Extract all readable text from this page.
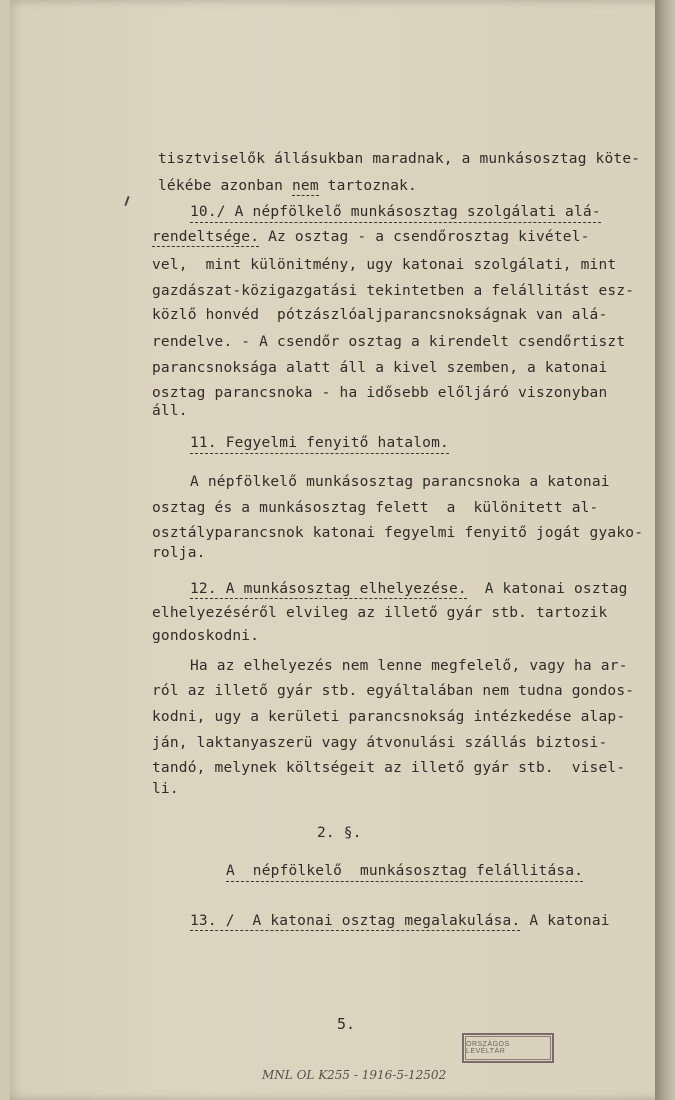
tisztviselők állásukban maradnak, a munkásosztag köte-
lékébe azonban nem tartoznak.
10./ A népfölkelő munkásosztag szolgálati alá-
rendeltsége. Az osztag - a csendőrosztag kivétel-
vel,  mint különitmény, ugy katonai szolgálati, mint
gazdászat-közigazgatási tekintetben a felállitást esz-
közlő honvéd  pótzászlóaljparancsnokságnak van alá-
rendelve. - A csendőr osztag a kirendelt csendőrtiszt
parancsnoksága alatt áll a kivel szemben, a katonai
osztag parancsnoka - ha idősebb előljáró viszonyban
áll.
11. Fegyelmi fenyitő hatalom.
A népfölkelő munkásosztag parancsnoka a katonai
osztag és a munkásosztag felett  a  különitett al-
osztályparancsnok katonai fegyelmi fenyitő jogát gyako-
rolja.
12. A munkásosztag elhelyezése.  A katonai osztag
elhelyezéséről elvileg az illető gyár stb. tartozik
gondoskodni.
Ha az elhelyezés nem lenne megfelelő, vagy ha ar-
ról az illető gyár stb. egyáltalában nem tudna gondos-
kodni, ugy a kerületi parancsnokság intézkedése alap-
ján, laktanyaszerü vagy átvonulási szállás biztosi-
tandó, melynek költségeit az illető gyár stb.  visel-
li.
2. §.
A  népfölkelő  munkásosztag felállitása.
13. /  A katonai osztag megalakulása. A katonai
5.
ORSZÁGOS LEVÉLTÁR
MNL OL K255 - 1916-5-12502
